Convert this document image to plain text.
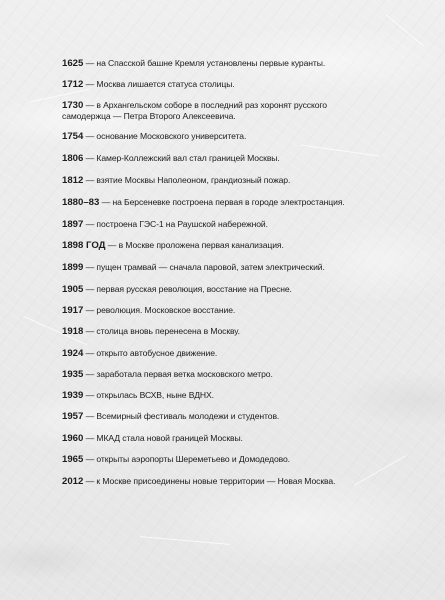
1625 — на Спасской башне Кремля установлены первые куранты.
1712 — Москва лишается статуса столицы.
1730 — в Архангельском соборе в последний раз хоронят русского самодержца — Петра Второго Алексеевича.
1754 — основание Московского университета.
1806 — Камер-Коллежский вал стал границей Москвы.
1812 — взятие Москвы Наполеоном, грандиозный пожар.
1880–83 — на Берсеневке построена первая в городе электростанция.
1897 — построена ГЭС-1 на Раушской набережной.
1898 ГОД — в Москве проложена первая канализация.
1899 — пущен трамвай — сначала паровой, затем электрический.
1905 — первая русская революция, восстание на Пресне.
1917 — революция. Московское восстание.
1918 — столица вновь перенесена в Москву.
1924 — открыто автобусное движение.
1935 — заработала первая ветка московского метро.
1939 — открылась ВСХВ, ныне ВДНХ.
1957 — Всемирный фестиваль молодежи и студентов.
1960 — МКАД стала новой границей Москвы.
1965 — открыты аэропорты Шереметьево и Домодедово.
2012 — к Москве присоединены новые территории — Новая Москва.
